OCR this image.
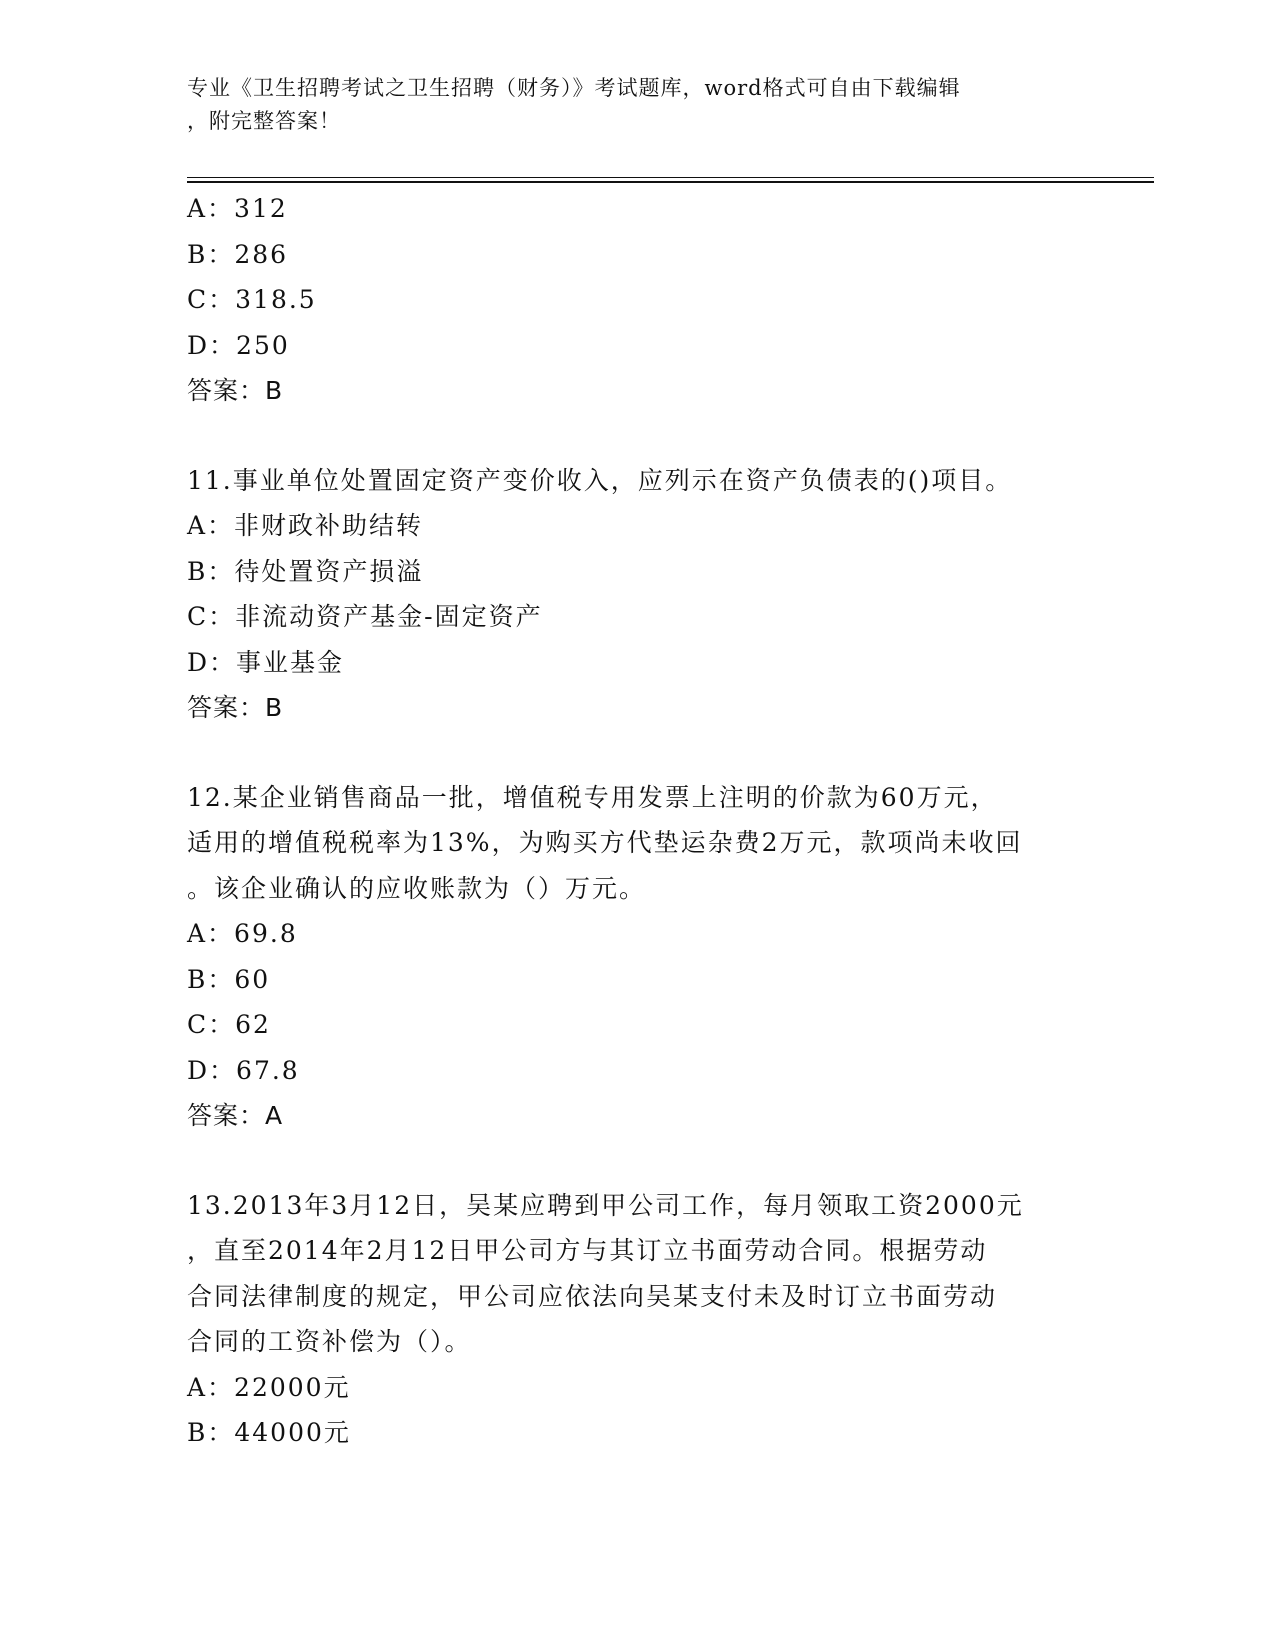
专业《卫生招聘考试之卫生招聘（财务）》考试题库，word格式可自由下载编辑
，附完整答案！
A：312
B：286
C：318.5
D：250
答案：B
11.事业单位处置固定资产变价收入，应列示在资产负债表的()项目。
A：非财政补助结转
B：待处置资产损溢
C：非流动资产基金-固定资产
D：事业基金
答案：B
12.某企业销售商品一批，增值税专用发票上注明的价款为60万元，
适用的增值税税率为13%，为购买方代垫运杂费2万元，款项尚未收回
。该企业确认的应收账款为（）万元。
A：69.8
B：60
C：62
D：67.8
答案：A
13.2013年3月12日，吴某应聘到甲公司工作，每月领取工资2000元
，直至2014年2月12日甲公司方与其订立书面劳动合同。根据劳动
合同法律制度的规定，甲公司应依法向吴某支付未及时订立书面劳动
合同的工资补偿为（）。
A：22000元
B：44000元
